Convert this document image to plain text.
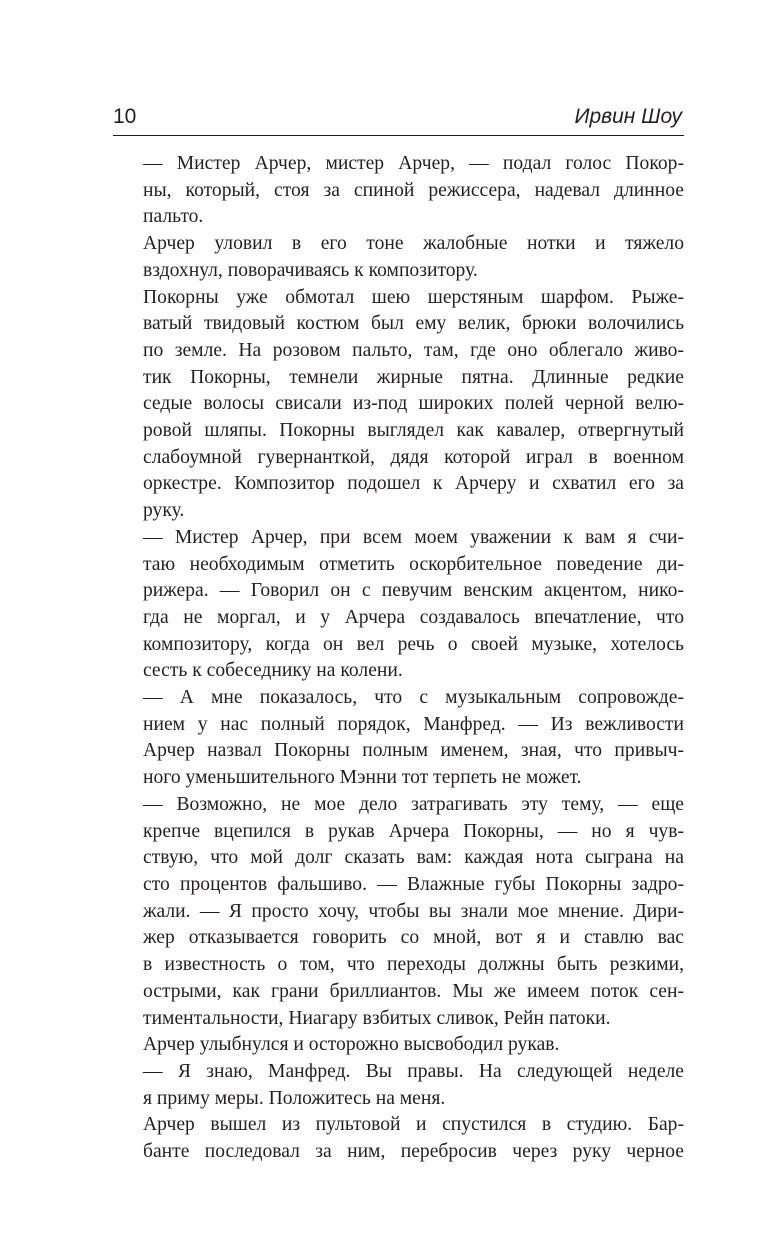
10	Ирвин Шоу

— Мистер Арчер, мистер Арчер, — подал голос Покор-
ны, который, стоя за спиной режиссера, надевал длинное
пальто.

Арчер уловил в его тоне жалобные нотки и тяжело
вздохнул, поворачиваясь к композитору.

Покорны уже обмотал шею шерстяным шарфом. Рыже-
ватый твидовый костюм был ему велик, брюки волочились
по земле. На розовом пальто, там, где оно облегало живо-
тик Покорны, темнели жирные пятна. Длинные редкие
седые волосы свисали из-под широких полей черной велю-
ровой шляпы. Покорны выглядел как кавалер, отвергнутый
слабоумной гувернанткой, дядя которой играл в военном
оркестре. Композитор подошел к Арчеру и схватил его за
руку.

— Мистер Арчер, при всем моем уважении к вам я счи-
таю необходимым отметить оскорбительное поведение ди-
рижера. — Говорил он с певучим венским акцентом, нико-
гда не моргал, и у Арчера создавалось впечатление, что
композитору, когда он вел речь о своей музыке, хотелось
сесть к собеседнику на колени.

— А мне показалось, что с музыкальным сопровожде-
нием у нас полный порядок, Манфред. — Из вежливости
Арчер назвал Покорны полным именем, зная, что привыч-
ного уменьшительного Мэнни тот терпеть не может.

— Возможно, не мое дело затрагивать эту тему, — еще
крепче вцепился в рукав Арчера Покорны, — но я чув-
ствую, что мой долг сказать вам: каждая нота сыграна на
сто процентов фальшиво. — Влажные губы Покорны задро-
жали. — Я просто хочу, чтобы вы знали мое мнение. Дири-
жер отказывается говорить со мной, вот я и ставлю вас
в известность о том, что переходы должны быть резкими,
острыми, как грани бриллиантов. Мы же имеем поток сен-
тиментальности, Ниагару взбитых сливок, Рейн патоки.

Арчер улыбнулся и осторожно высвободил рукав.

— Я знаю, Манфред. Вы правы. На следующей неделе
я приму меры. Положитесь на меня.

Арчер вышел из пультовой и спустился в студию. Бар-
банте последовал за ним, перебросив через руку черное
